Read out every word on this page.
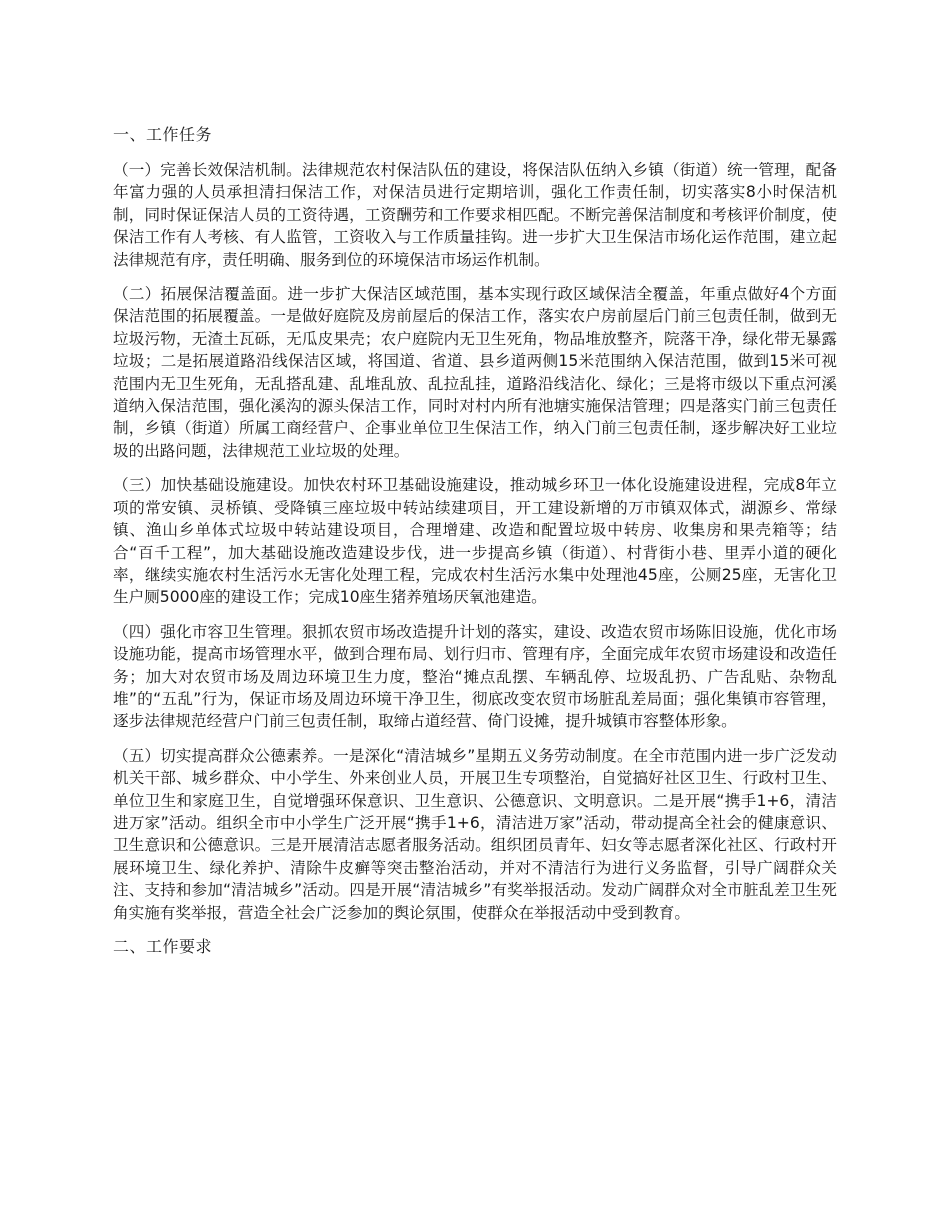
一、工作任务

（一）完善长效保洁机制。法律规范农村保洁队伍的建设，将保洁队伍纳入乡镇（街道）统一管理，配备年富力强的人员承担清扫保洁工作，对保洁员进行定期培训，强化工作责任制，切实落实8小时保洁机制，同时保证保洁人员的工资待遇，工资酬劳和工作要求相匹配。不断完善保洁制度和考核评价制度，使保洁工作有人考核、有人监管，工资收入与工作质量挂钩。进一步扩大卫生保洁市场化运作范围，建立起法律规范有序，责任明确、服务到位的环境保洁市场运作机制。

（二）拓展保洁覆盖面。进一步扩大保洁区域范围，基本实现行政区域保洁全覆盖，年重点做好4个方面保洁范围的拓展覆盖。一是做好庭院及房前屋后的保洁工作，落实农户房前屋后门前三包责任制，做到无垃圾污物，无渣土瓦砾，无瓜皮果壳；农户庭院内无卫生死角，物品堆放整齐，院落干净，绿化带无暴露垃圾；二是拓展道路沿线保洁区域，将国道、省道、县乡道两侧15米范围纳入保洁范围，做到15米可视范围内无卫生死角，无乱搭乱建、乱堆乱放、乱拉乱挂，道路沿线洁化、绿化；三是将市级以下重点河溪道纳入保洁范围，强化溪沟的源头保洁工作，同时对村内所有池塘实施保洁管理；四是落实门前三包责任制，乡镇（街道）所属工商经营户、企事业单位卫生保洁工作，纳入门前三包责任制，逐步解决好工业垃圾的出路问题，法律规范工业垃圾的处理。

（三）加快基础设施建设。加快农村环卫基础设施建设，推动城乡环卫一体化设施建设进程，完成8年立项的常安镇、灵桥镇、受降镇三座垃圾中转站续建项目，开工建设新增的万市镇双体式，湖源乡、常绿镇、渔山乡单体式垃圾中转站建设项目，合理增建、改造和配置垃圾中转房、收集房和果壳箱等；结合“百千工程”，加大基础设施改造建设步伐，进一步提高乡镇（街道）、村背街小巷、里弄小道的硬化率，继续实施农村生活污水无害化处理工程，完成农村生活污水集中处理池45座，公厕25座，无害化卫生户厕5000座的建设工作；完成10座生猪养殖场厌氧池建造。

（四）强化市容卫生管理。狠抓农贸市场改造提升计划的落实，建设、改造农贸市场陈旧设施，优化市场设施功能，提高市场管理水平，做到合理布局、划行归市、管理有序，全面完成年农贸市场建设和改造任务；加大对农贸市场及周边环境卫生力度，整治“摊点乱摆、车辆乱停、垃圾乱扔、广告乱贴、杂物乱堆”的“五乱”行为，保证市场及周边环境干净卫生，彻底改变农贸市场脏乱差局面；强化集镇市容管理，逐步法律规范经营户门前三包责任制，取缔占道经营、倚门设摊，提升城镇市容整体形象。

（五）切实提高群众公德素养。一是深化“清洁城乡”星期五义务劳动制度。在全市范围内进一步广泛发动机关干部、城乡群众、中小学生、外来创业人员，开展卫生专项整治，自觉搞好社区卫生、行政村卫生、单位卫生和家庭卫生，自觉增强环保意识、卫生意识、公德意识、文明意识。二是开展“携手1+6，清洁进万家”活动。组织全市中小学生广泛开展“携手1+6，清洁进万家”活动，带动提高全社会的健康意识、卫生意识和公德意识。三是开展清洁志愿者服务活动。组织团员青年、妇女等志愿者深化社区、行政村开展环境卫生、绿化养护、清除牛皮癣等突击整治活动，并对不清洁行为进行义务监督，引导广阔群众关注、支持和参加“清洁城乡”活动。四是开展“清洁城乡”有奖举报活动。发动广阔群众对全市脏乱差卫生死角实施有奖举报，营造全社会广泛参加的舆论氛围，使群众在举报活动中受到教育。

二、工作要求
